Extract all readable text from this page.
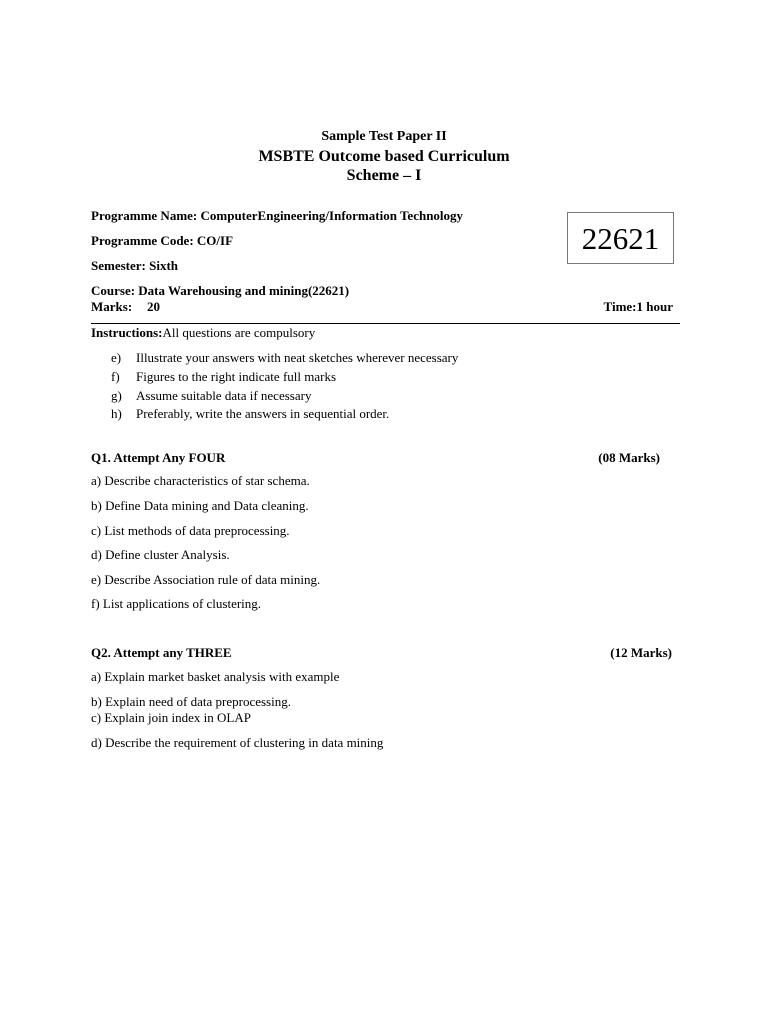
Sample Test Paper II
MSBTE Outcome based Curriculum
Scheme – I
Programme Name: ComputerEngineering/Information Technology
Programme Code: CO/IF
Semester: Sixth
Course: Data Warehousing and mining(22621)
Marks: 20	Time:1 hour
22621
Instructions:All questions are compulsory
e) Illustrate your answers with neat sketches wherever necessary
f) Figures to the right indicate full marks
g) Assume suitable data if necessary
h) Preferably, write the answers in sequential order.
Q1. Attempt Any FOUR	(08 Marks)
a) Describe characteristics of star schema.
b) Define Data mining and Data cleaning.
c) List methods of data preprocessing.
d) Define cluster Analysis.
e) Describe Association rule of data mining.
f) List applications of clustering.
Q2. Attempt any THREE	(12 Marks)
a) Explain market basket analysis with example
b) Explain need of data preprocessing.
c) Explain join index in OLAP
d) Describe the requirement of clustering in data mining
